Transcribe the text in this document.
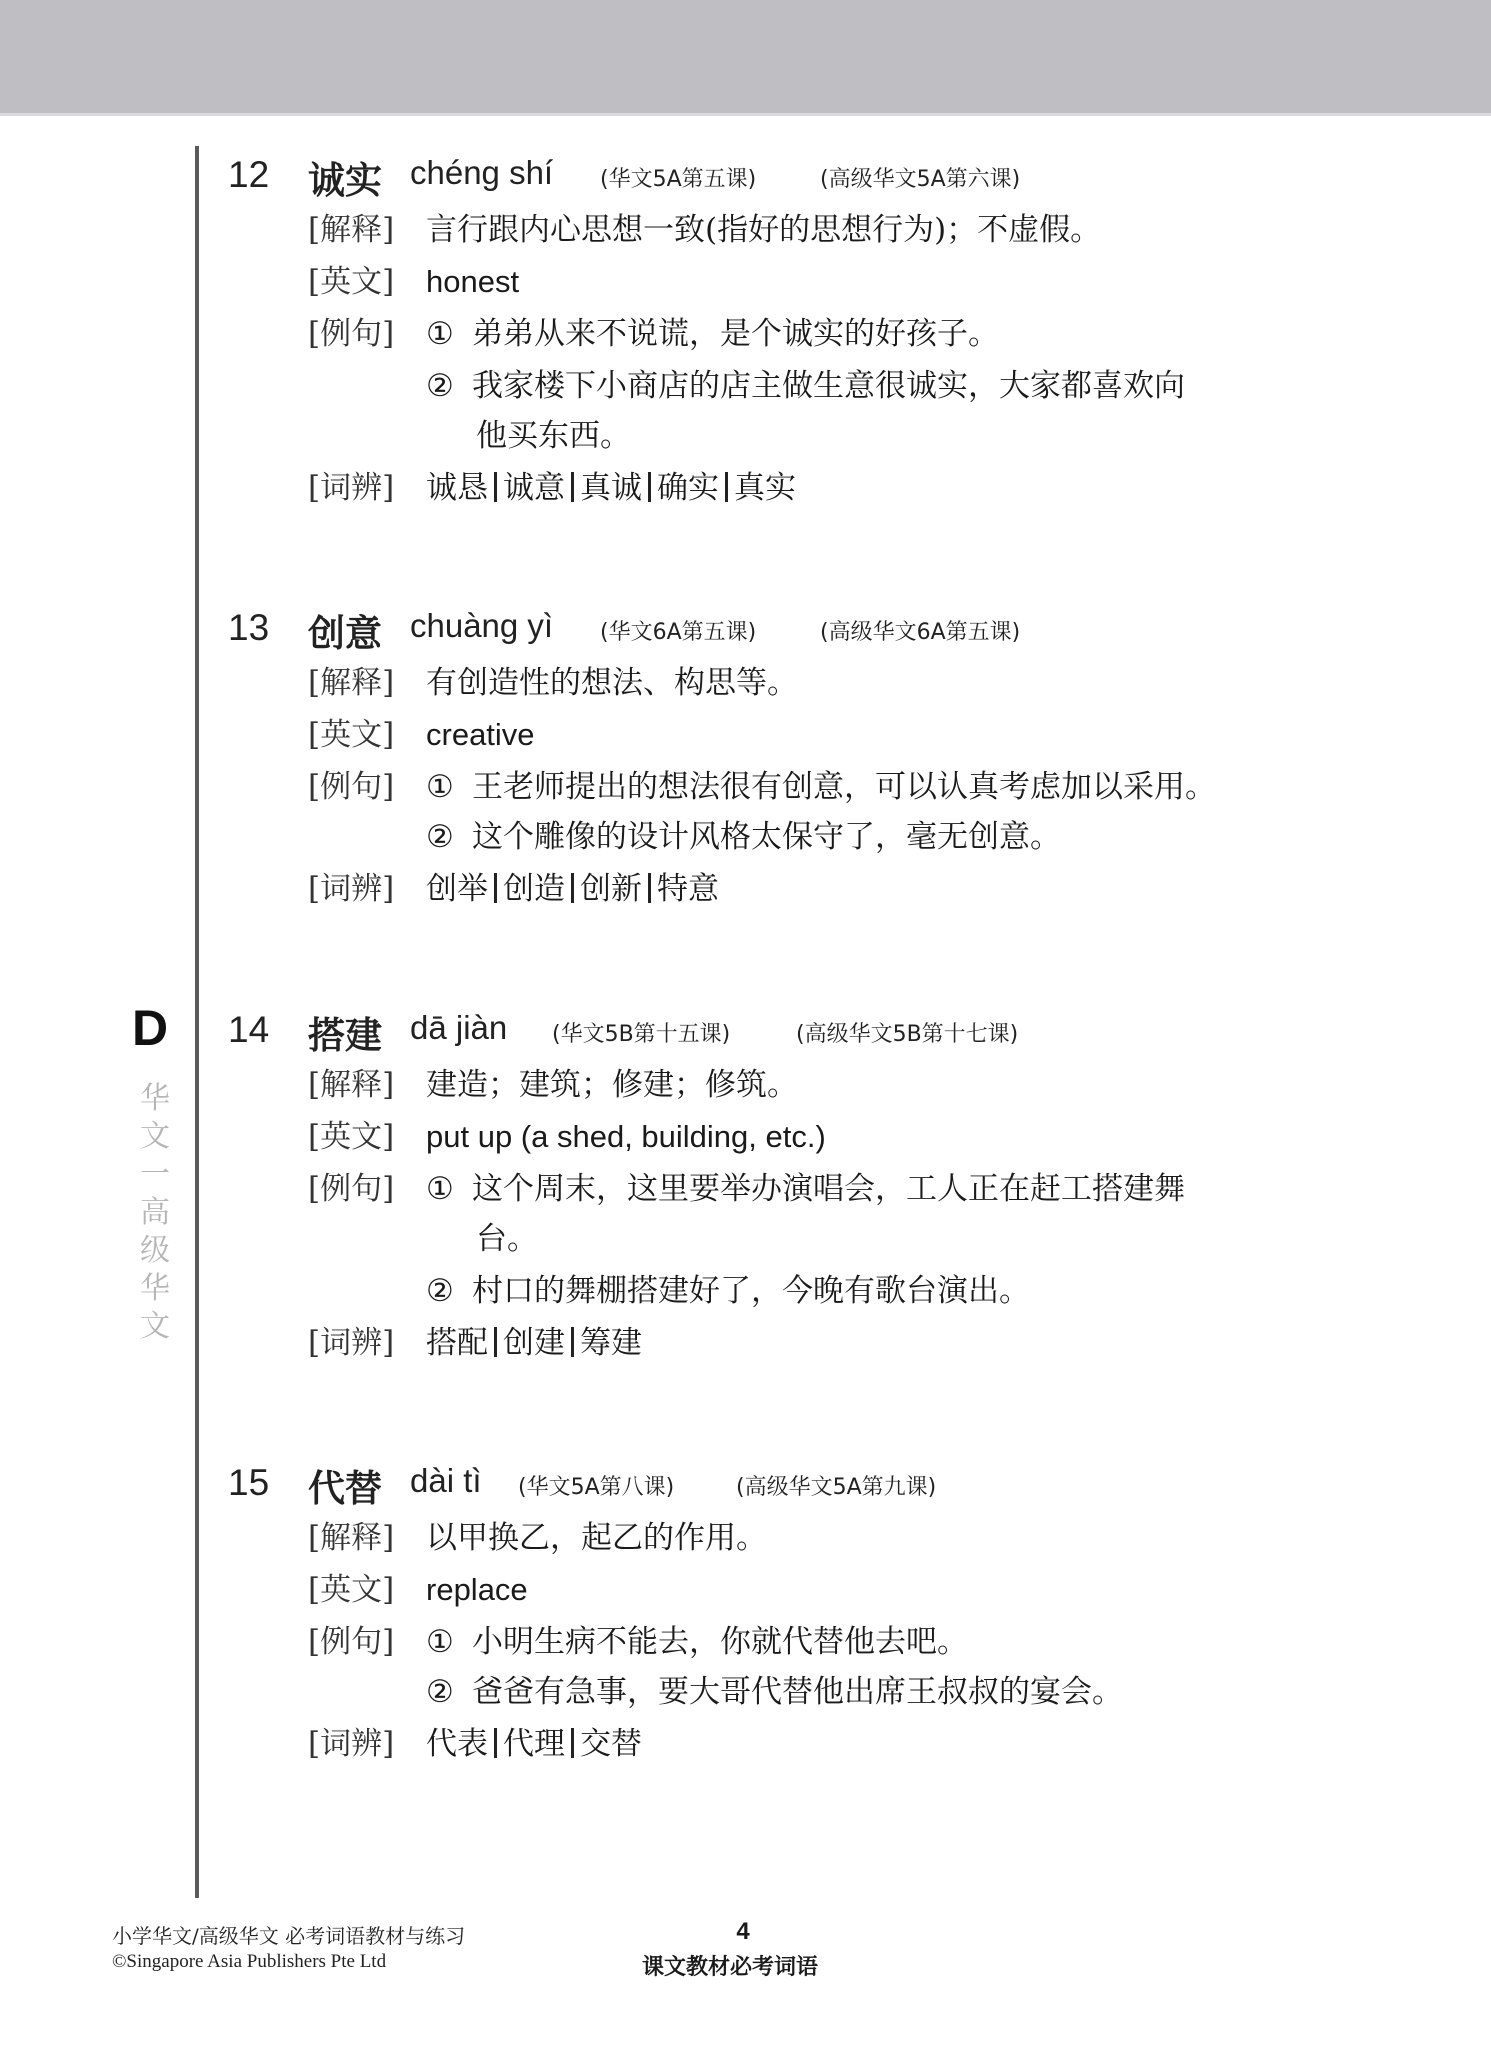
D
华
文
一
高
级
华
文
12 诚实 chéng shí (华文5A第五课)	(高级华文5A第六课)
[解释] 言行跟内心思想一致(指好的思想行为)；不虚假。
[英文] honest
[例句] ① 弟弟从来不说谎，是个诚实的好孩子。
② 我家楼下小商店的店主做生意很诚实，大家都喜欢向
他买东西。
[词辨] 诚恳 诚意 真诚 确实 真实
13 创意 chuàng yì (华文6A第五课)	(高级华文6A第五课)
[解释] 有创造性的想法、构思等。
[英文] creative
[例句] ① 王老师提出的想法很有创意，可以认真考虑加以采用。
② 这个雕像的设计风格太保守了，毫无创意。
[词辨] 创举 创造 创新 特意
14 搭建 dā jiàn (华文5B第十五课)	(高级华文5B第十七课)
[解释] 建造；建筑；修建；修筑。
[英文] put up (a shed, building, etc.)
[例句] ① 这个周末，这里要举办演唱会，工人正在赶工搭建舞
台。
② 村口的舞棚搭建好了，今晚有歌台演出。
[词辨] 搭配 创建 筹建
15 代替 dài tì (华文5A第八课)	(高级华文5A第九课)
[解释] 以甲换乙，起乙的作用。
[英文] replace
[例句] ① 小明生病不能去，你就代替他去吧。
② 爸爸有急事，要大哥代替他出席王叔叔的宴会。
[词辨] 代表 代理 交替
小学华文/高级华文 必考词语教材与练习
©Singapore Asia Publishers Pte Ltd
4
课文教材必考词语
